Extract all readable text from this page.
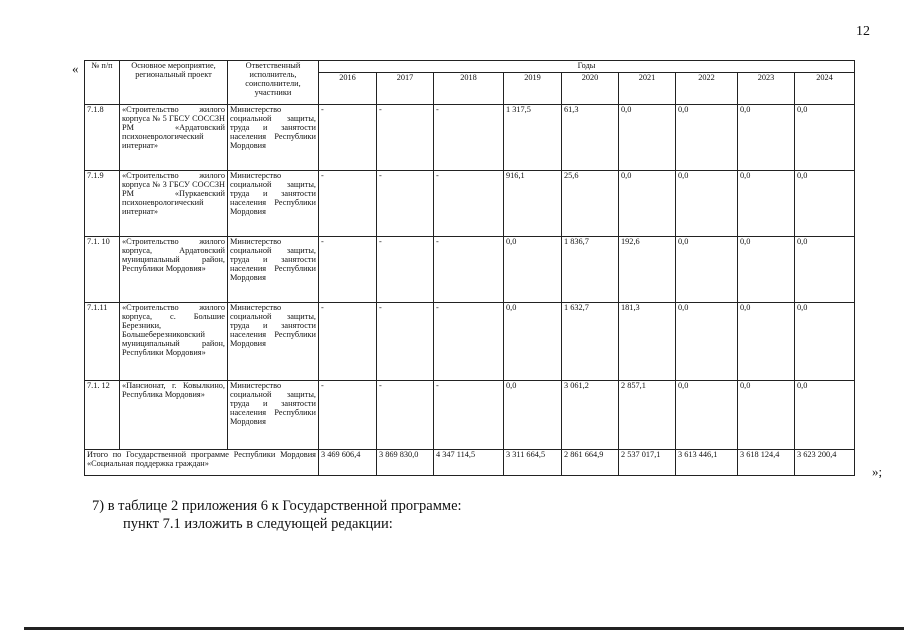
12
« № п/п	Основное мероприятие, региональный проект	Ответственный исполнитель, соисполнители, участники	Годы								
			2016	2017	2018	2019	2020	2021	2022	2023	2024
7.1.8	«Строительство жилого корпуса № 5 ГБСУ СОССЗН РМ «Ардатовский психоневрологический интернат»	Министерство социальной защиты, труда и занятости населения Республики Мордовия	-	-	-	1 317,5	61,3	0,0	0,0	0,0	0,0
7.1.9	«Строительство жилого корпуса № 3 ГБСУ СОССЗН РМ «Пуркаевский психоневрологический интернат»	Министерство социальной защиты, труда и занятости населения Республики Мордовия	-	-	-	916,1	25,6	0,0	0,0	0,0	0,0
7.1. 10	«Строительство жилого корпуса, Ардатовский муниципальный район, Республики Мордовия»	Министерство социальной защиты, труда и занятости населения Республики Мордовия	-	-	-	0,0	1 836,7	192,6	0,0	0,0	0,0
7.1.11	«Строительство жилого корпуса, с. Большие Березники, Большеберезниковский муниципальный район, Республики Мордовия»	Министерство социальной защиты, труда и занятости населения Республики Мордовия	-	-	-	0,0	1 632,7	181,3	0,0	0,0	0,0
7.1. 12	«Пансионат, г. Ковылкино, Республика Мордовия»	Министерство социальной защиты, труда и занятости населения Республики Мордовия	-	-	-	0,0	3 061,2	2 857,1	0,0	0,0	0,0
Итого по Государственной программе Республики Мордовия «Социальная поддержка граждан»			3 469 606,4	3 869 830,0	4 347 114,5	3 311 664,5	2 861 664,9	2 537 017,1	3 613 446,1	3 618 124,4	3 623 200,4
»;
7) в таблице 2 приложения 6 к Государственной программе:
пункт 7.1 изложить в следующей редакции:
